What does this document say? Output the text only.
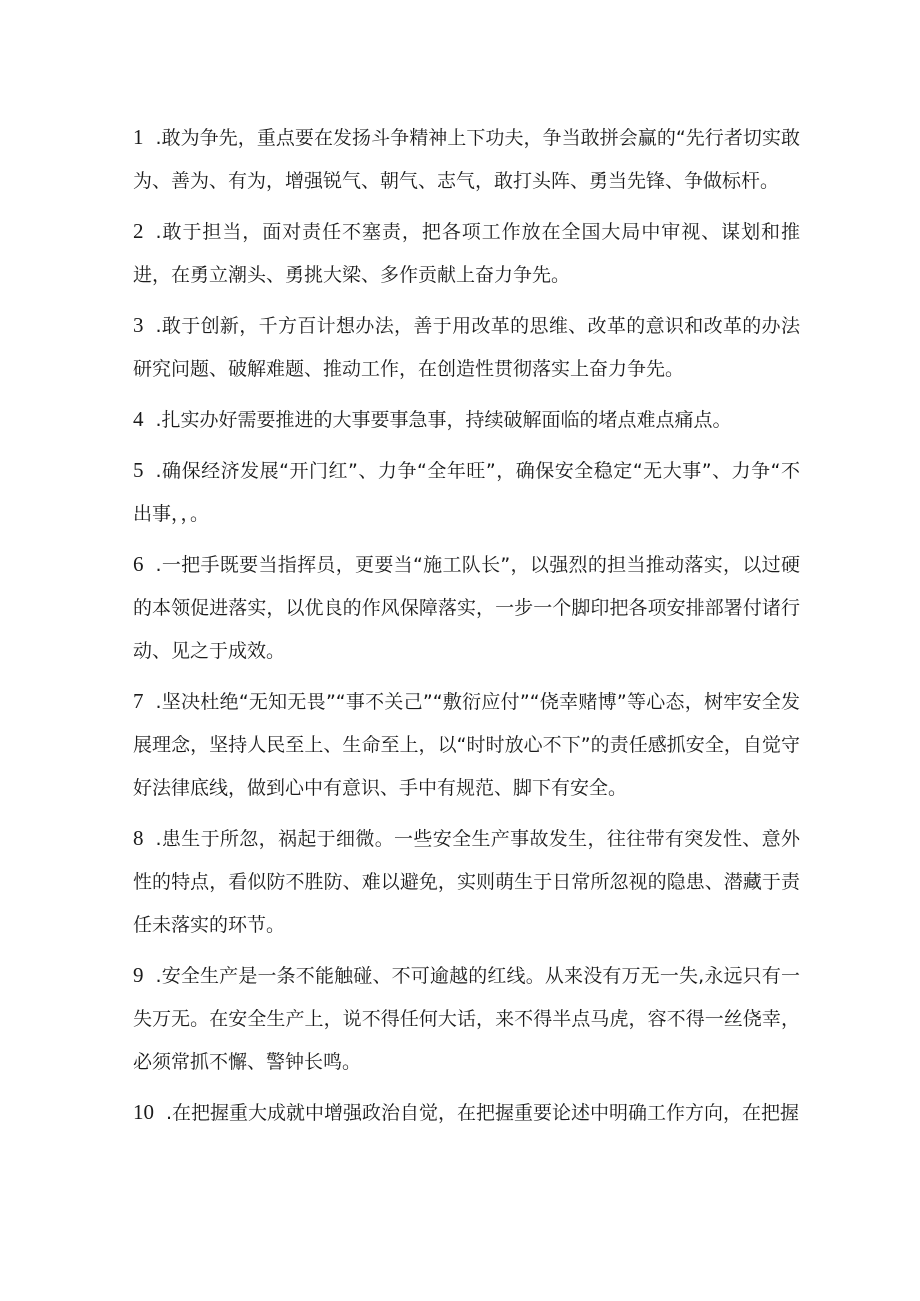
1 .敢为争先，重点要在发扬斗争精神上下功夫，争当敢拼会赢的“先行者切实敢为、善为、有为，增强锐气、朝气、志气，敢打头阵、勇当先锋、争做标杆。

2 .敢于担当，面对责任不塞责，把各项工作放在全国大局中审视、谋划和推进，在勇立潮头、勇挑大梁、多作贡献上奋力争先。

3 .敢于创新，千方百计想办法，善于用改革的思维、改革的意识和改革的办法研究问题、破解难题、推动工作，在创造性贯彻落实上奋力争先。

4 .扎实办好需要推进的大事要事急事，持续破解面临的堵点难点痛点。

5 .确保经济发展“开门红”、力争“全年旺”，确保安全稳定“无大事”、力争“不出事，，。

6 .一把手既要当指挥员，更要当“施工队长”，以强烈的担当推动落实，以过硬的本领促进落实，以优良的作风保障落实，一步一个脚印把各项安排部署付诸行动、见之于成效。

7 .坚决杜绝“无知无畏”“事不关己”“敷衍应付”“侥幸赌博”等心态，树牢安全发展理念，坚持人民至上、生命至上，以“时时放心不下”的责任感抓安全，自觉守好法律底线，做到心中有意识、手中有规范、脚下有安全。

8 .患生于所忽，祸起于细微。一些安全生产事故发生，往往带有突发性、意外性的特点，看似防不胜防、难以避免，实则萌生于日常所忽视的隐患、潜藏于责任未落实的环节。

9 .安全生产是一条不能触碰、不可逾越的红线。从来没有万无一失,永远只有一失万无。在安全生产上，说不得任何大话，来不得半点马虎，容不得一丝侥幸，必须常抓不懈、警钟长鸣。

10 .在把握重大成就中增强政治自觉，在把握重要论述中明确工作方向，在把握
